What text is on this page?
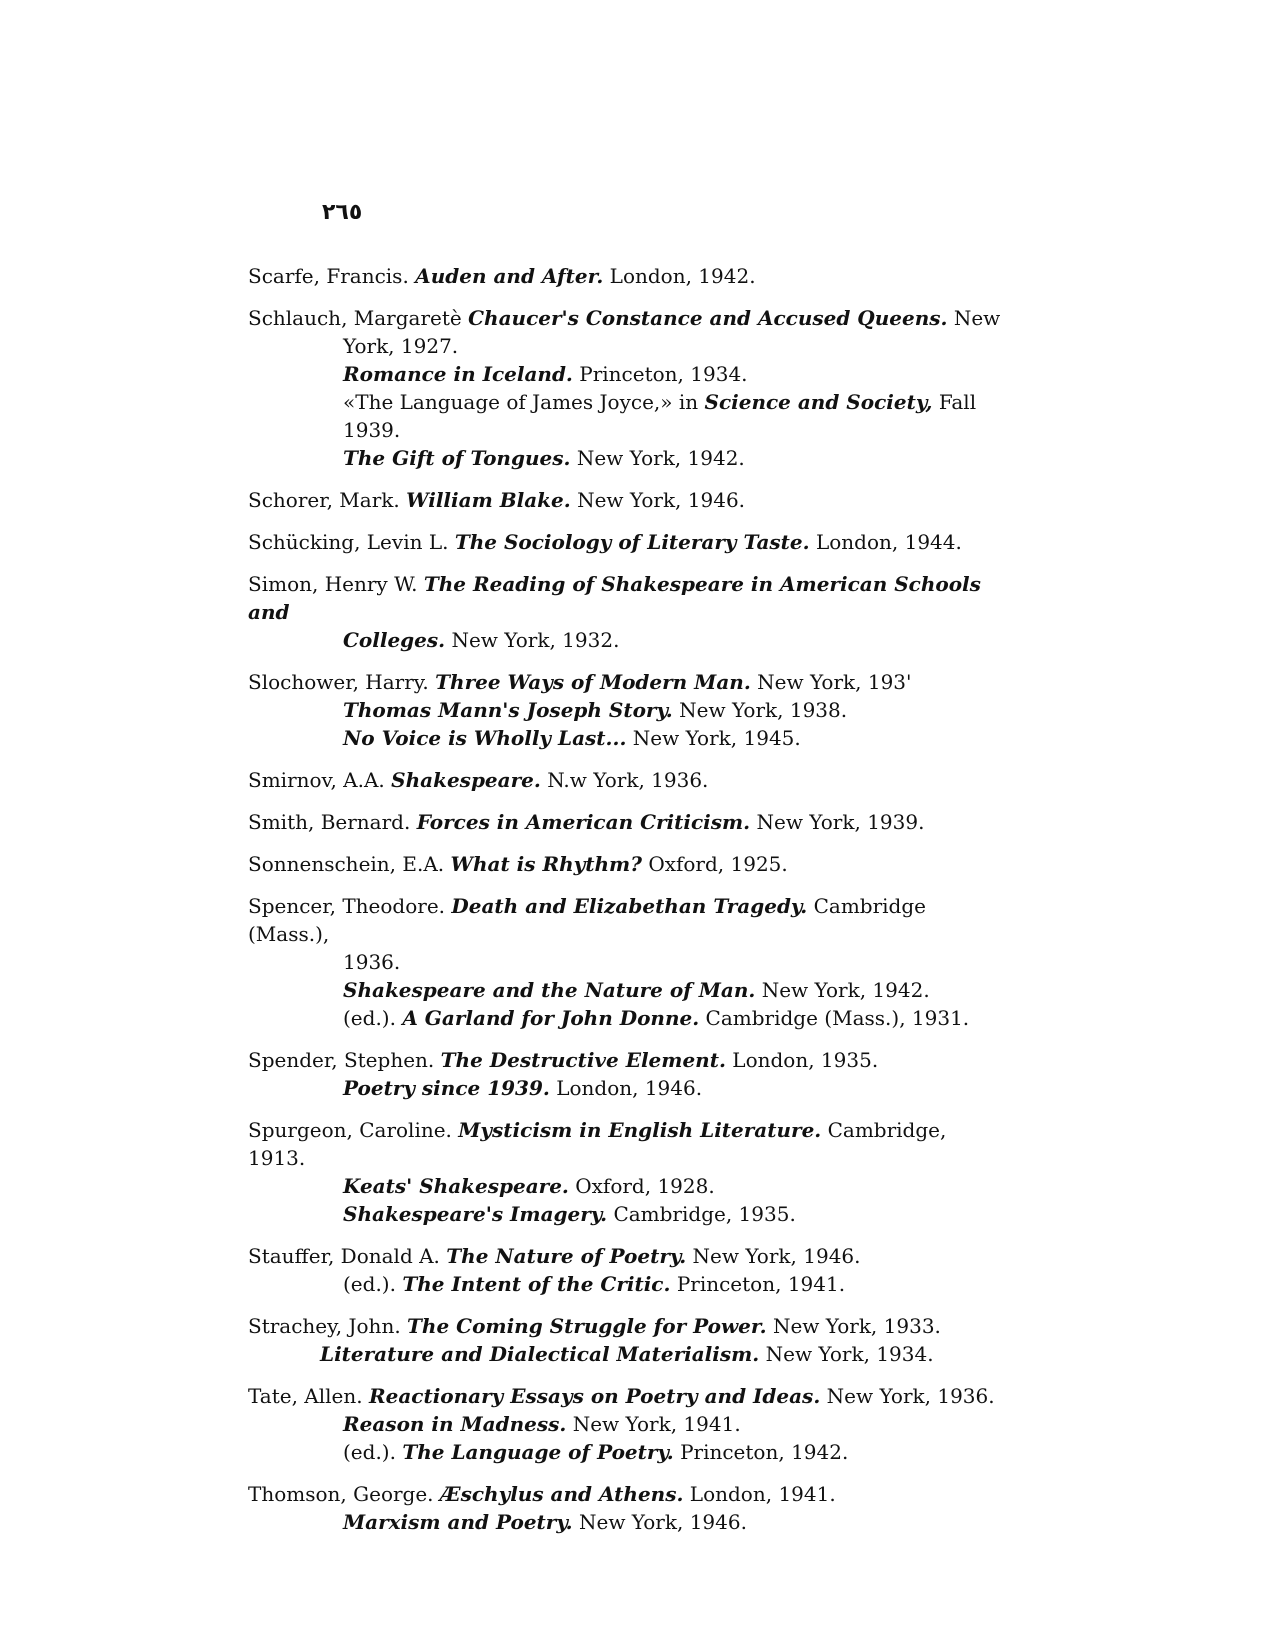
٢٦٥
Scarfe, Francis. Auden and After. London, 1942.
Schlauch, Margaretè Chaucer's Constance and Accused Queens. New
York, 1927.
Romance in Iceland. Princeton, 1934.
«The Language of James Joyce,» in Science and Society, Fall
1939.
The Gift of Tongues. New York, 1942.
Schorer, Mark. William Blake. New York, 1946.
Schücking, Levin L. The Sociology of Literary Taste. London, 1944.
Simon, Henry W. The Reading of Shakespeare in American Schools and
Colleges. New York, 1932.
Slochower, Harry. Three Ways of Modern Man. New York, 193'
Thomas Mann's Joseph Story. New York, 1938.
No Voice is Wholly Last... New York, 1945.
Smirnov, A.A. Shakespeare. N.w York, 1936.
Smith, Bernard. Forces in American Criticism. New York, 1939.
Sonnenschein, E.A. What is Rhythm? Oxford, 1925.
Spencer, Theodore. Death and Elizabethan Tragedy. Cambridge (Mass.),
1936.
Shakespeare and the Nature of Man. New York, 1942.
(ed.). A Garland for John Donne. Cambridge (Mass.), 1931.
Spender, Stephen. The Destructive Element. London, 1935.
Poetry since 1939. London, 1946.
Spurgeon, Caroline. Mysticism in English Literature. Cambridge, 1913.
Keats' Shakespeare. Oxford, 1928.
Shakespeare's Imagery. Cambridge, 1935.
Stauffer, Donald A. The Nature of Poetry. New York, 1946.
(ed.). The Intent of the Critic. Princeton, 1941.
Strachey, John. The Coming Struggle for Power. New York, 1933.
Literature and Dialectical Materialism. New York, 1934.
Tate, Allen. Reactionary Essays on Poetry and Ideas. New York, 1936.
Reason in Madness. New York, 1941.
(ed.). The Language of Poetry. Princeton, 1942.
Thomson, George. Æschylus and Athens. London, 1941.
Marxism and Poetry. New York, 1946.
